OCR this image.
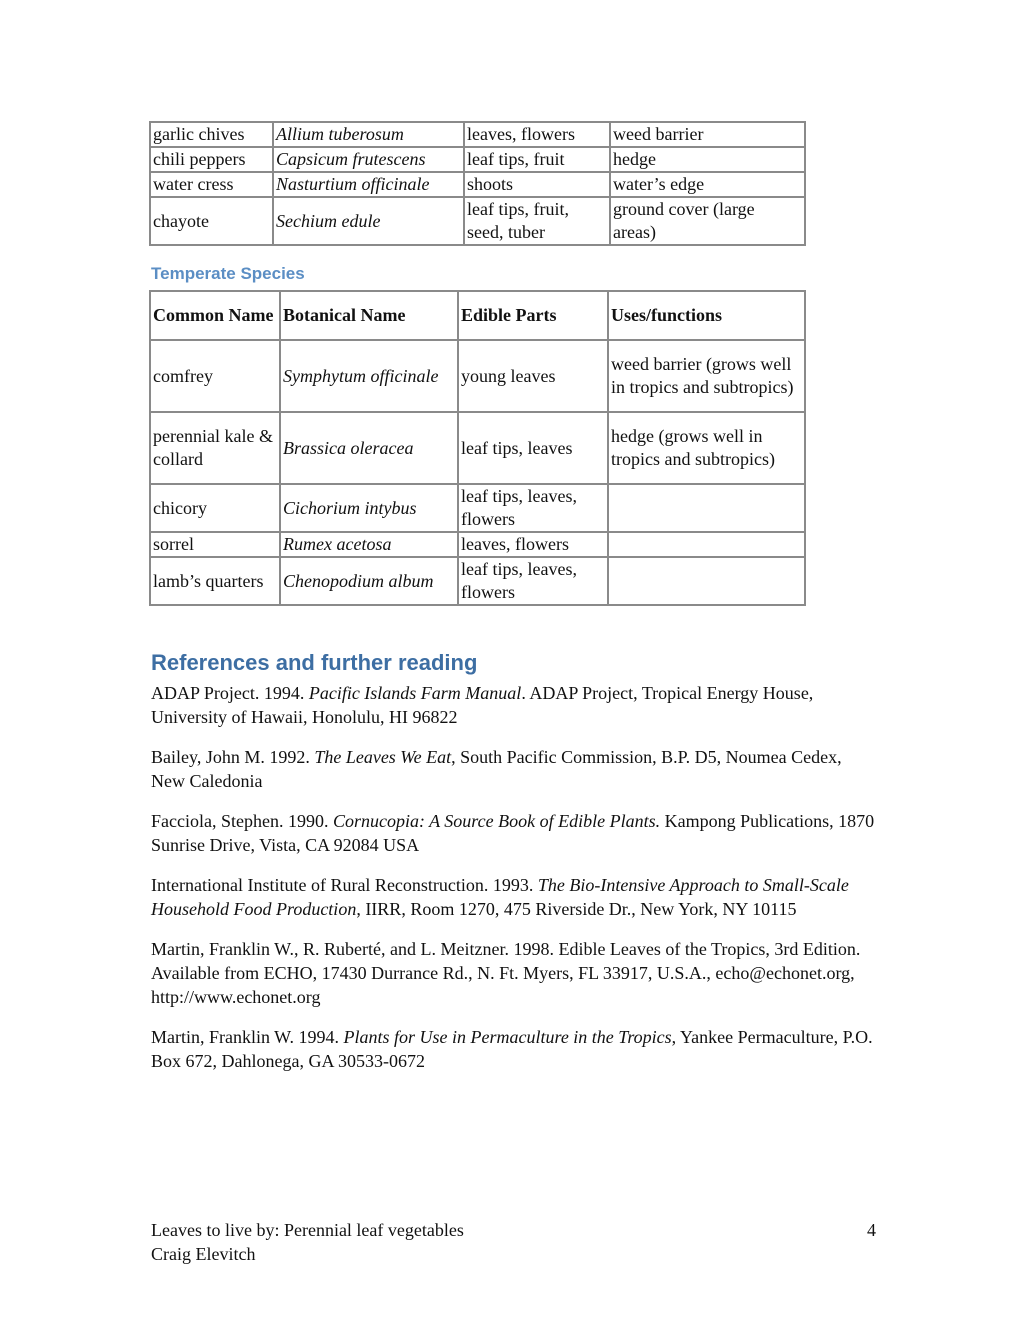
garlic chives	Allium tuberosum	leaves, flowers	weed barrier
chili peppers	Capsicum frutescens	leaf tips, fruit	hedge
water cress	Nasturtium officinale	shoots	water’s edge
chayote	Sechium edule	leaf tips, fruit, seed, tuber	ground cover (large areas)
Temperate Species
Common Name	Botanical Name	Edible Parts	Uses/functions
comfrey	Symphytum officinale	young leaves	weed barrier (grows well in tropics and subtropics)
perennial kale & collard	Brassica oleracea	leaf tips, leaves	hedge (grows well in tropics and subtropics)
chicory	Cichorium intybus	leaf tips, leaves, flowers	
sorrel	Rumex acetosa	leaves, flowers	
lamb’s quarters	Chenopodium album	leaf tips, leaves, flowers	
References and further reading

ADAP Project. 1994. Pacific Islands Farm Manual. ADAP Project, Tropical Energy House, University of Hawaii, Honolulu, HI 96822

Bailey, John M. 1992. The Leaves We Eat, South Pacific Commission, B.P. D5, Noumea Cedex, New Caledonia

Facciola, Stephen. 1990. Cornucopia: A Source Book of Edible Plants. Kampong Publications, 1870 Sunrise Drive, Vista, CA 92084 USA

International Institute of Rural Reconstruction. 1993. The Bio-Intensive Approach to Small-Scale Household Food Production, IIRR, Room 1270, 475 Riverside Dr., New York, NY 10115

Martin, Franklin W., R. Ruberté, and L. Meitzner. 1998. Edible Leaves of the Tropics, 3rd Edition. Available from ECHO, 17430 Durrance Rd., N. Ft. Myers, FL 33917, U.S.A., echo@echonet.org, http://www.echonet.org

Martin, Franklin W. 1994. Plants for Use in Permaculture in the Tropics, Yankee Permaculture, P.O. Box 672, Dahlonega, GA 30533-0672

Leaves to live by: Perennial leaf vegetables
Craig Elevitch
4
